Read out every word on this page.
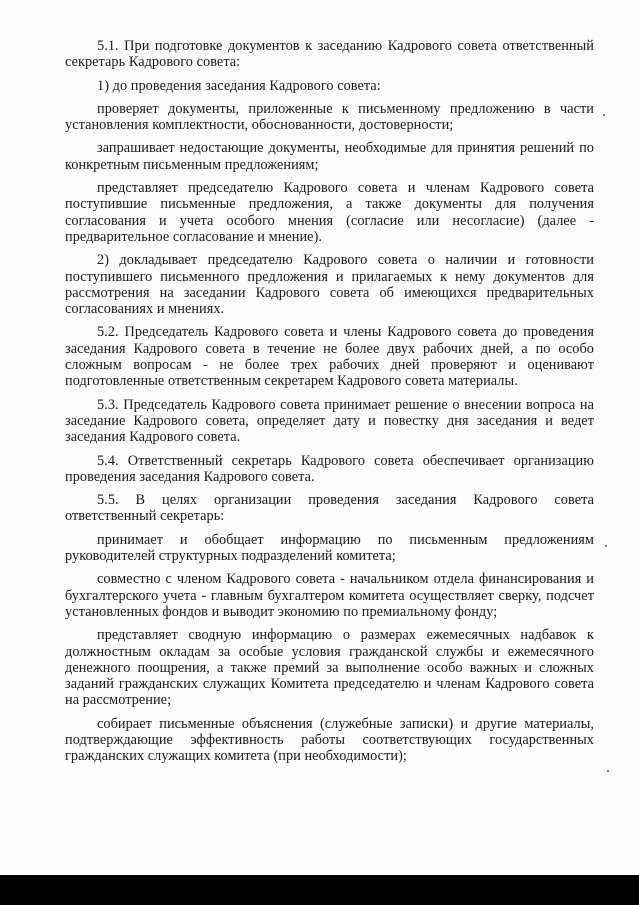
5.1. При подготовке документов к заседанию Кадрового совета ответственный секретарь Кадрового совета:

1) до проведения заседания Кадрового совета:

проверяет документы, приложенные к письменному предложению в части установления комплектности, обоснованности, достоверности;

запрашивает недостающие документы, необходимые для принятия решений по конкретным письменным предложениям;

представляет председателю Кадрового совета и членам Кадрового совета поступившие письменные предложения, а также документы для получения согласования и учета особого мнения (согласие или несогласие) (далее - предварительное согласование и мнение).

2) докладывает председателю Кадрового совета о наличии и готовности поступившего письменного предложения и прилагаемых к нему документов для рассмотрения на заседании Кадрового совета об имеющихся предварительных согласованиях и мнениях.

5.2. Председатель Кадрового совета и члены Кадрового совета до проведения заседания Кадрового совета в течение не более двух рабочих дней, а по особо сложным вопросам - не более трех рабочих дней проверяют и оценивают подготовленные ответственным секретарем Кадрового совета материалы.

5.3. Председатель Кадрового совета принимает решение о внесении вопроса на заседание Кадрового совета, определяет дату и повестку дня заседания и ведет заседания Кадрового совета.

5.4. Ответственный секретарь Кадрового совета обеспечивает организацию проведения заседания Кадрового совета.

5.5. В целях организации проведения заседания Кадрового совета ответственный секретарь:

принимает и обобщает информацию по письменным предложениям руководителей структурных подразделений комитета;

совместно с членом Кадрового совета - начальником отдела финансирования и бухгалтерского учета - главным бухгалтером комитета осуществляет сверку, подсчет установленных фондов и выводит экономию по премиальному фонду;

представляет сводную информацию о размерах ежемесячных надбавок к должностным окладам за особые условия гражданской службы и ежемесячного денежного поощрения, а также премий за выполнение особо важных и сложных заданий гражданских служащих Комитета председателю и членам Кадрового совета на рассмотрение;

собирает письменные объяснения (служебные записки) и другие материалы, подтверждающие эффективность работы соответствующих государственных гражданских служащих комитета (при необходимости);
